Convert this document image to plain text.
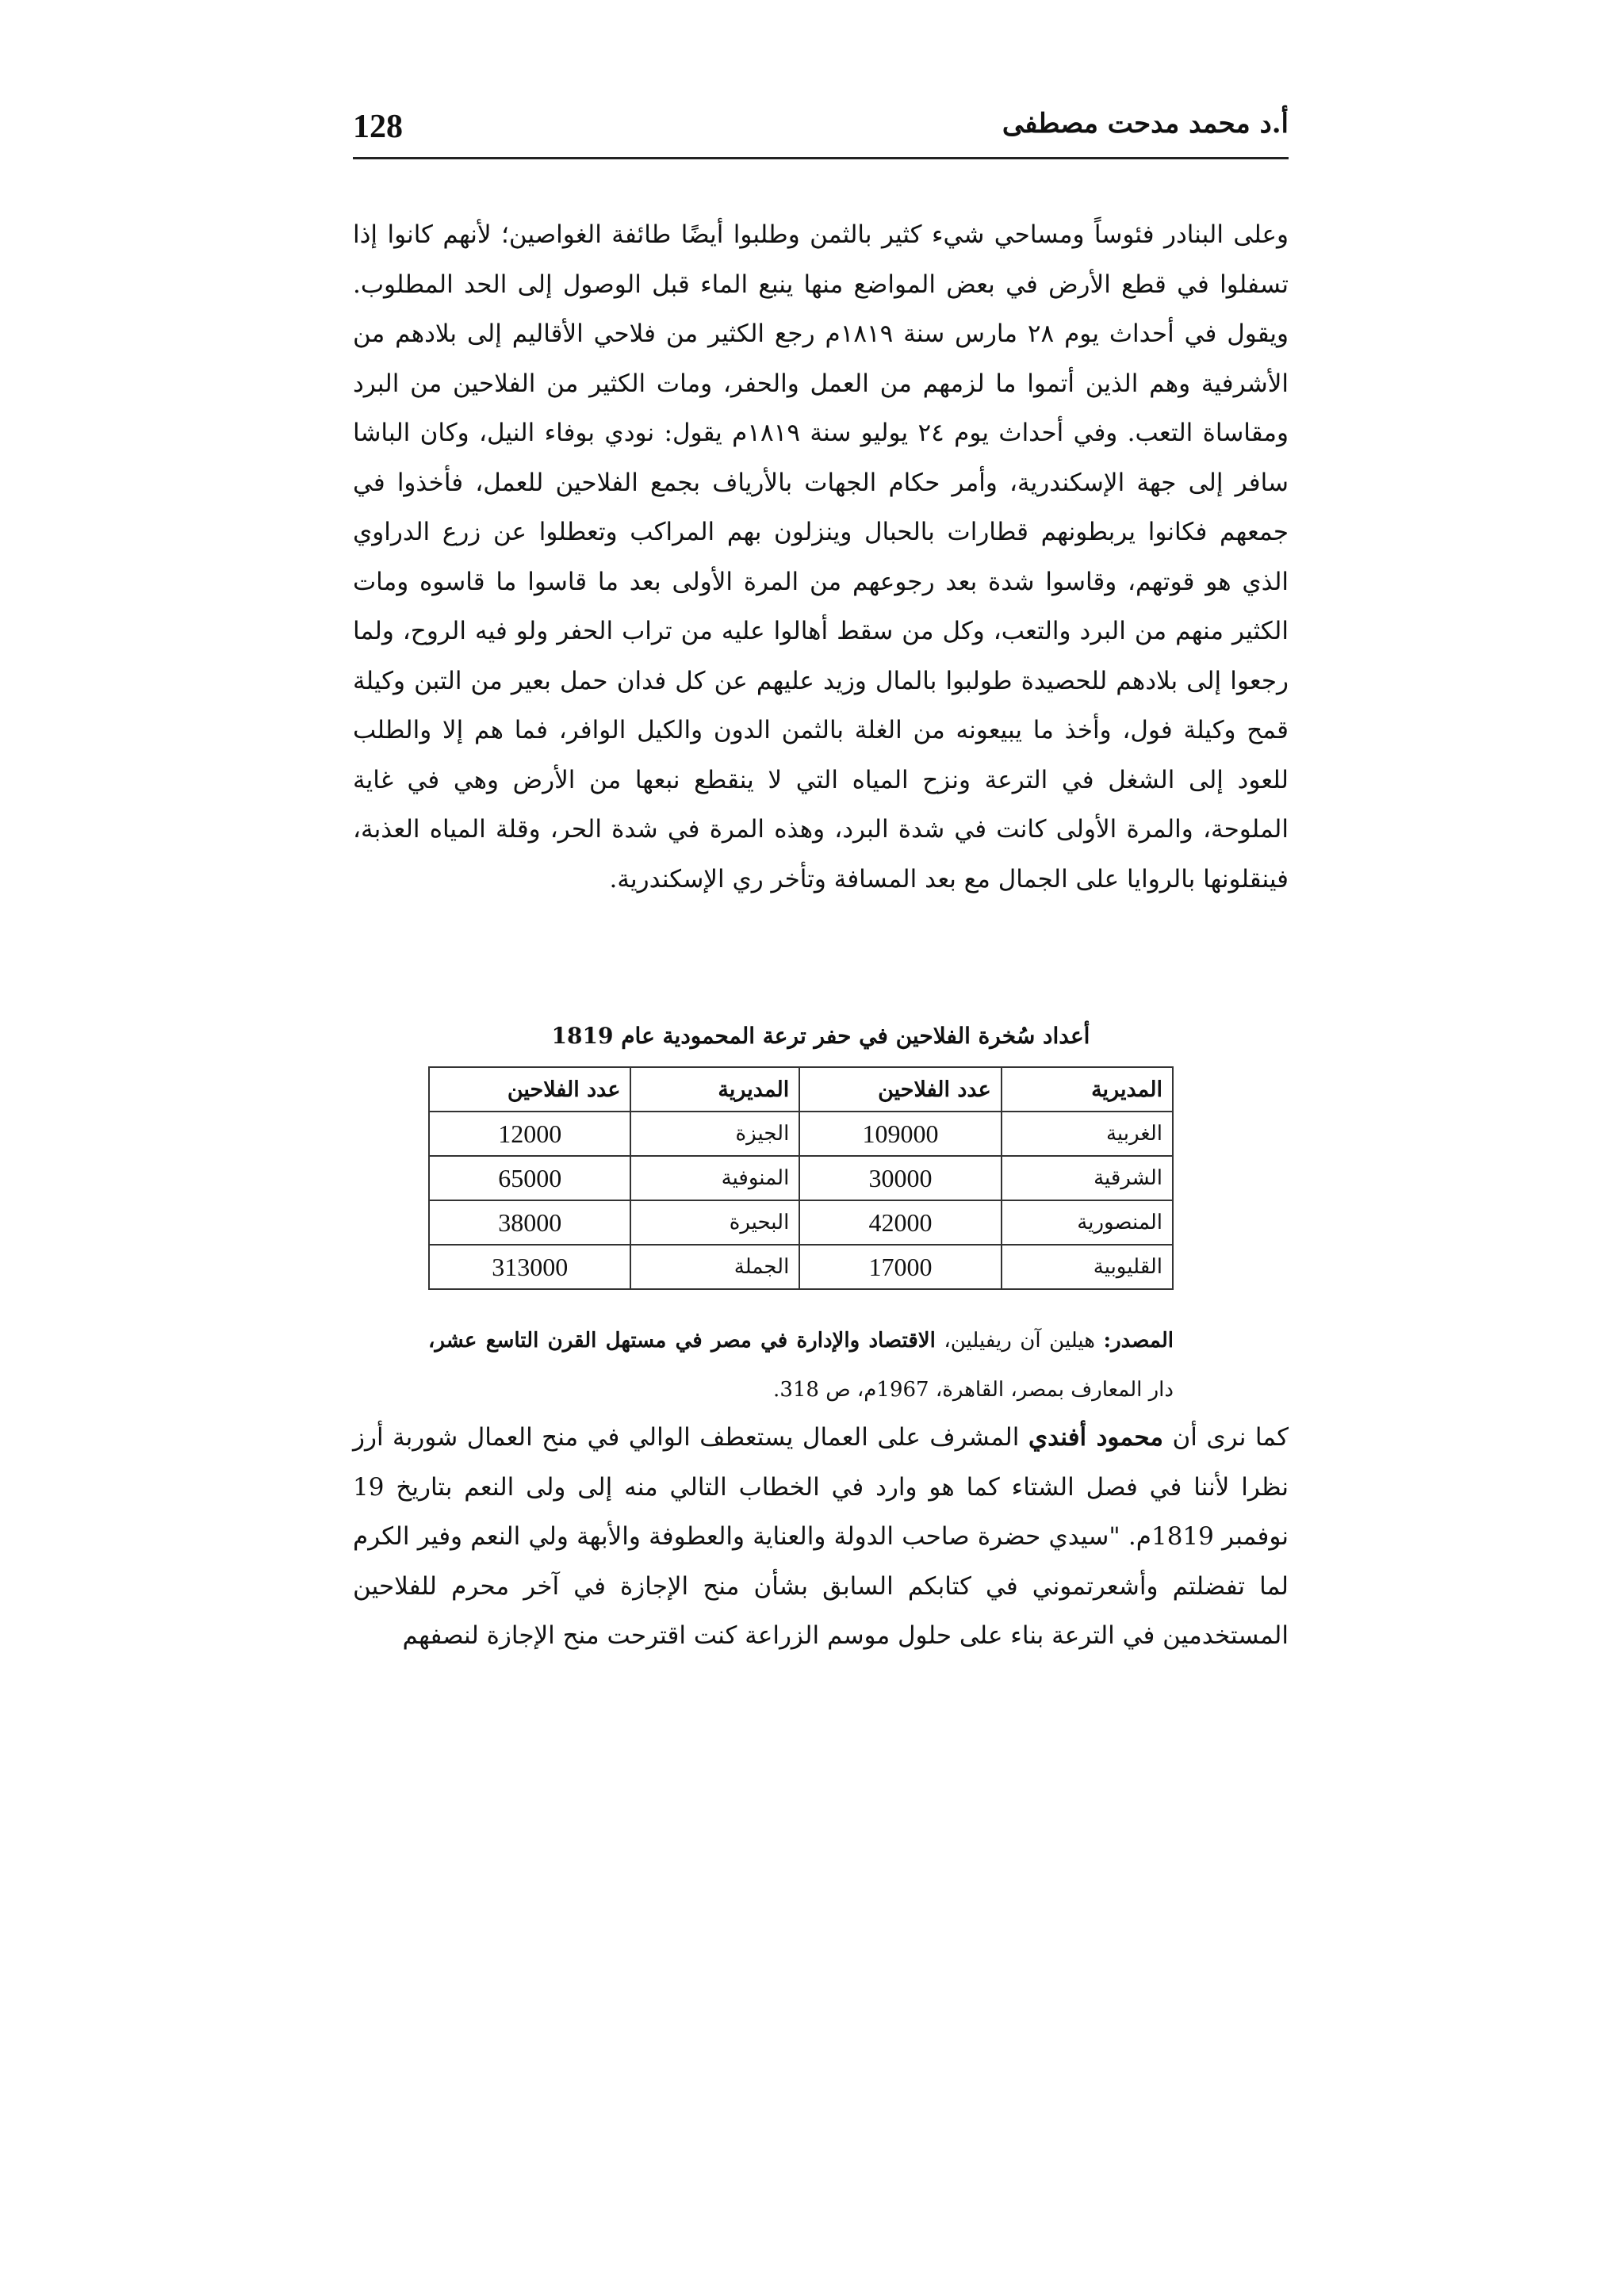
128	أ.د محمد مدحت مصطفى

وعلى البنادر فئوساً ومساحي شيء كثير بالثمن وطلبوا أيضًا طائفة الغواصين؛ لأنهم كانوا إذا تسفلوا في قطع الأرض في بعض المواضع منها ينبع الماء قبل الوصول إلى الحد المطلوب. ويقول في أحداث يوم ٢٨ مارس سنة ١٨١٩م رجع الكثير من فلاحي الأقاليم إلى بلادهم من الأشرفية وهم الذين أتموا ما لزمهم من العمل والحفر، ومات الكثير من الفلاحين من البرد ومقاساة التعب. وفي أحداث يوم ٢٤ يوليو سنة ١٨١٩م يقول: نودي بوفاء النيل، وكان الباشا سافر إلى جهة الإسكندرية، وأمر حكام الجهات بالأرياف بجمع الفلاحين للعمل، فأخذوا في جمعهم فكانوا يربطونهم قطارات بالحبال وينزلون بهم المراكب وتعطلوا عن زرع الدراوي الذي هو قوتهم، وقاسوا شدة بعد رجوعهم من المرة الأولى بعد ما قاسوا ما قاسوه ومات الكثير منهم من البرد والتعب، وكل من سقط أهالوا عليه من تراب الحفر ولو فيه الروح، ولما رجعوا إلى بلادهم للحصيدة طولبوا بالمال وزيد عليهم عن كل فدان حمل بعير من التبن وكيلة قمح وكيلة فول، وأخذ ما يبيعونه من الغلة بالثمن الدون والكيل الوافر، فما هم إلا والطلب للعود إلى الشغل في الترعة ونزح المياه التي لا ينقطع نبعها من الأرض وهي في غاية الملوحة، والمرة الأولى كانت في شدة البرد، وهذه المرة في شدة الحر، وقلة المياه العذبة، فينقلونها بالروايا على الجمال مع بعد المسافة وتأخر ري الإسكندرية.

أعداد سُخرة الفلاحين في حفر ترعة المحمودية عام 1819
المديرية	عدد الفلاحين	المديرية	عدد الفلاحين
الغربية	109000	الجيزة	12000
الشرقية	30000	المنوفية	65000
المنصورية	42000	البحيرة	38000
القليوبية	17000	الجملة	313000
المصدر: هيلين آن ريفيلين، الاقتصاد والإدارة في مصر في مستهل القرن التاسع عشر، دار المعارف بمصر، القاهرة، 1967م، ص 318.

كما نرى أن محمود أفندي المشرف على العمال يستعطف الوالي في منح العمال شوربة أرز نظرا لأننا في فصل الشتاء كما هو وارد في الخطاب التالي منه إلى ولى النعم بتاريخ 19 نوفمبر 1819م. "سيدي حضرة صاحب الدولة والعناية والعطوفة والأبهة ولي النعم وفير الكرم لما تفضلتم وأشعرتموني في كتابكم السابق بشأن منح الإجازة في آخر محرم للفلاحين المستخدمين في الترعة بناء على حلول موسم الزراعة كنت اقترحت منح الإجازة لنصفهم
